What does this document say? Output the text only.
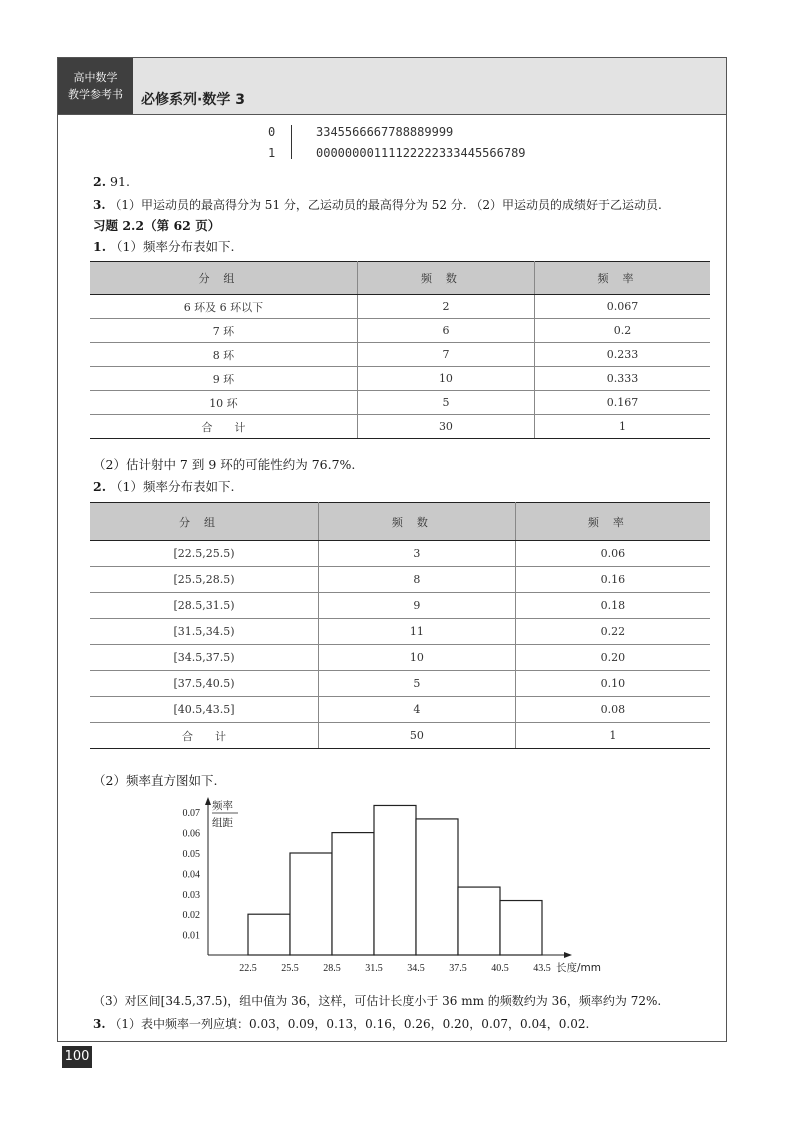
高中数学
教学参考书	必修系列·数学 3
0	3345566667788889999
1	00000000111122222333445566789
2. 91.
3. （1）甲运动员的最高得分为 51 分，乙运动员的最高得分为 52 分. （2）甲运动员的成绩好于乙运动员.
习题 2.2（第 62 页）
1. （1）频率分布表如下.
分组	频数	频率
6 环及 6 环以下	2	0.067
7 环	6	0.2
8 环	7	0.233
9 环	10	0.333
10 环	5	0.167
合　　计	30	1
（2）估计射中 7 到 9 环的可能性约为 76.7%.
2. （1）频率分布表如下.
分组	频数	频率
[22.5,25.5)	3	0.06
[25.5,28.5)	8	0.16
[28.5,31.5)	9	0.18
[31.5,34.5)	11	0.22
[34.5,37.5)	10	0.20
[37.5,40.5)	5	0.10
[40.5,43.5]	4	0.08
合　　计	50	1
（2）频率直方图如下.
0.01
0.02
0.03
0.04
0.05
0.06
0.07
22.5 25.5 28.5 31.5 34.5 37.5 40.5 43.5
频率
组距
长度/mm
（3）对区间[34.5,37.5)，组中值为 36，这样，可估计长度小于 36 mm 的频数约为 36，频率约为 72%.
3. （1）表中频率一列应填：0.03，0.09，0.13，0.16，0.26，0.20，0.07，0.04，0.02.
100
